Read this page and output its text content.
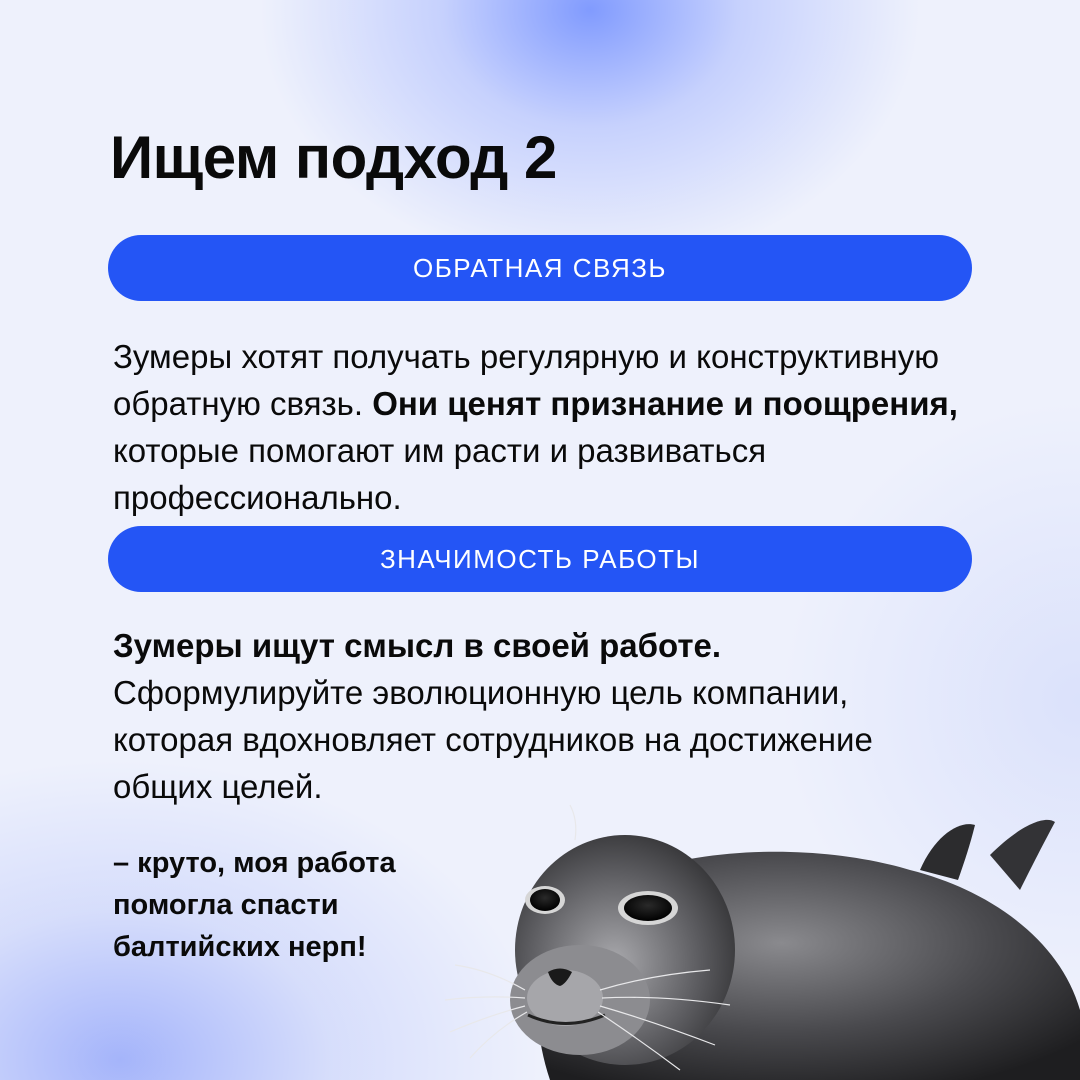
Ищем подход 2
ОБРАТНАЯ СВЯЗЬ

Зумеры хотят получать регулярную и конструктивную обратную связь. Они ценят признание и поощрения, которые помогают им расти и развиваться профессионально.

ЗНАЧИМОСТЬ РАБОТЫ

Зумеры ищут смысл в своей работе. Сформулируйте эволюционную цель компании, которая вдохновляет сотрудников на достижение общих целей.

– круто, моя работа помогла спасти балтийских нерп!
